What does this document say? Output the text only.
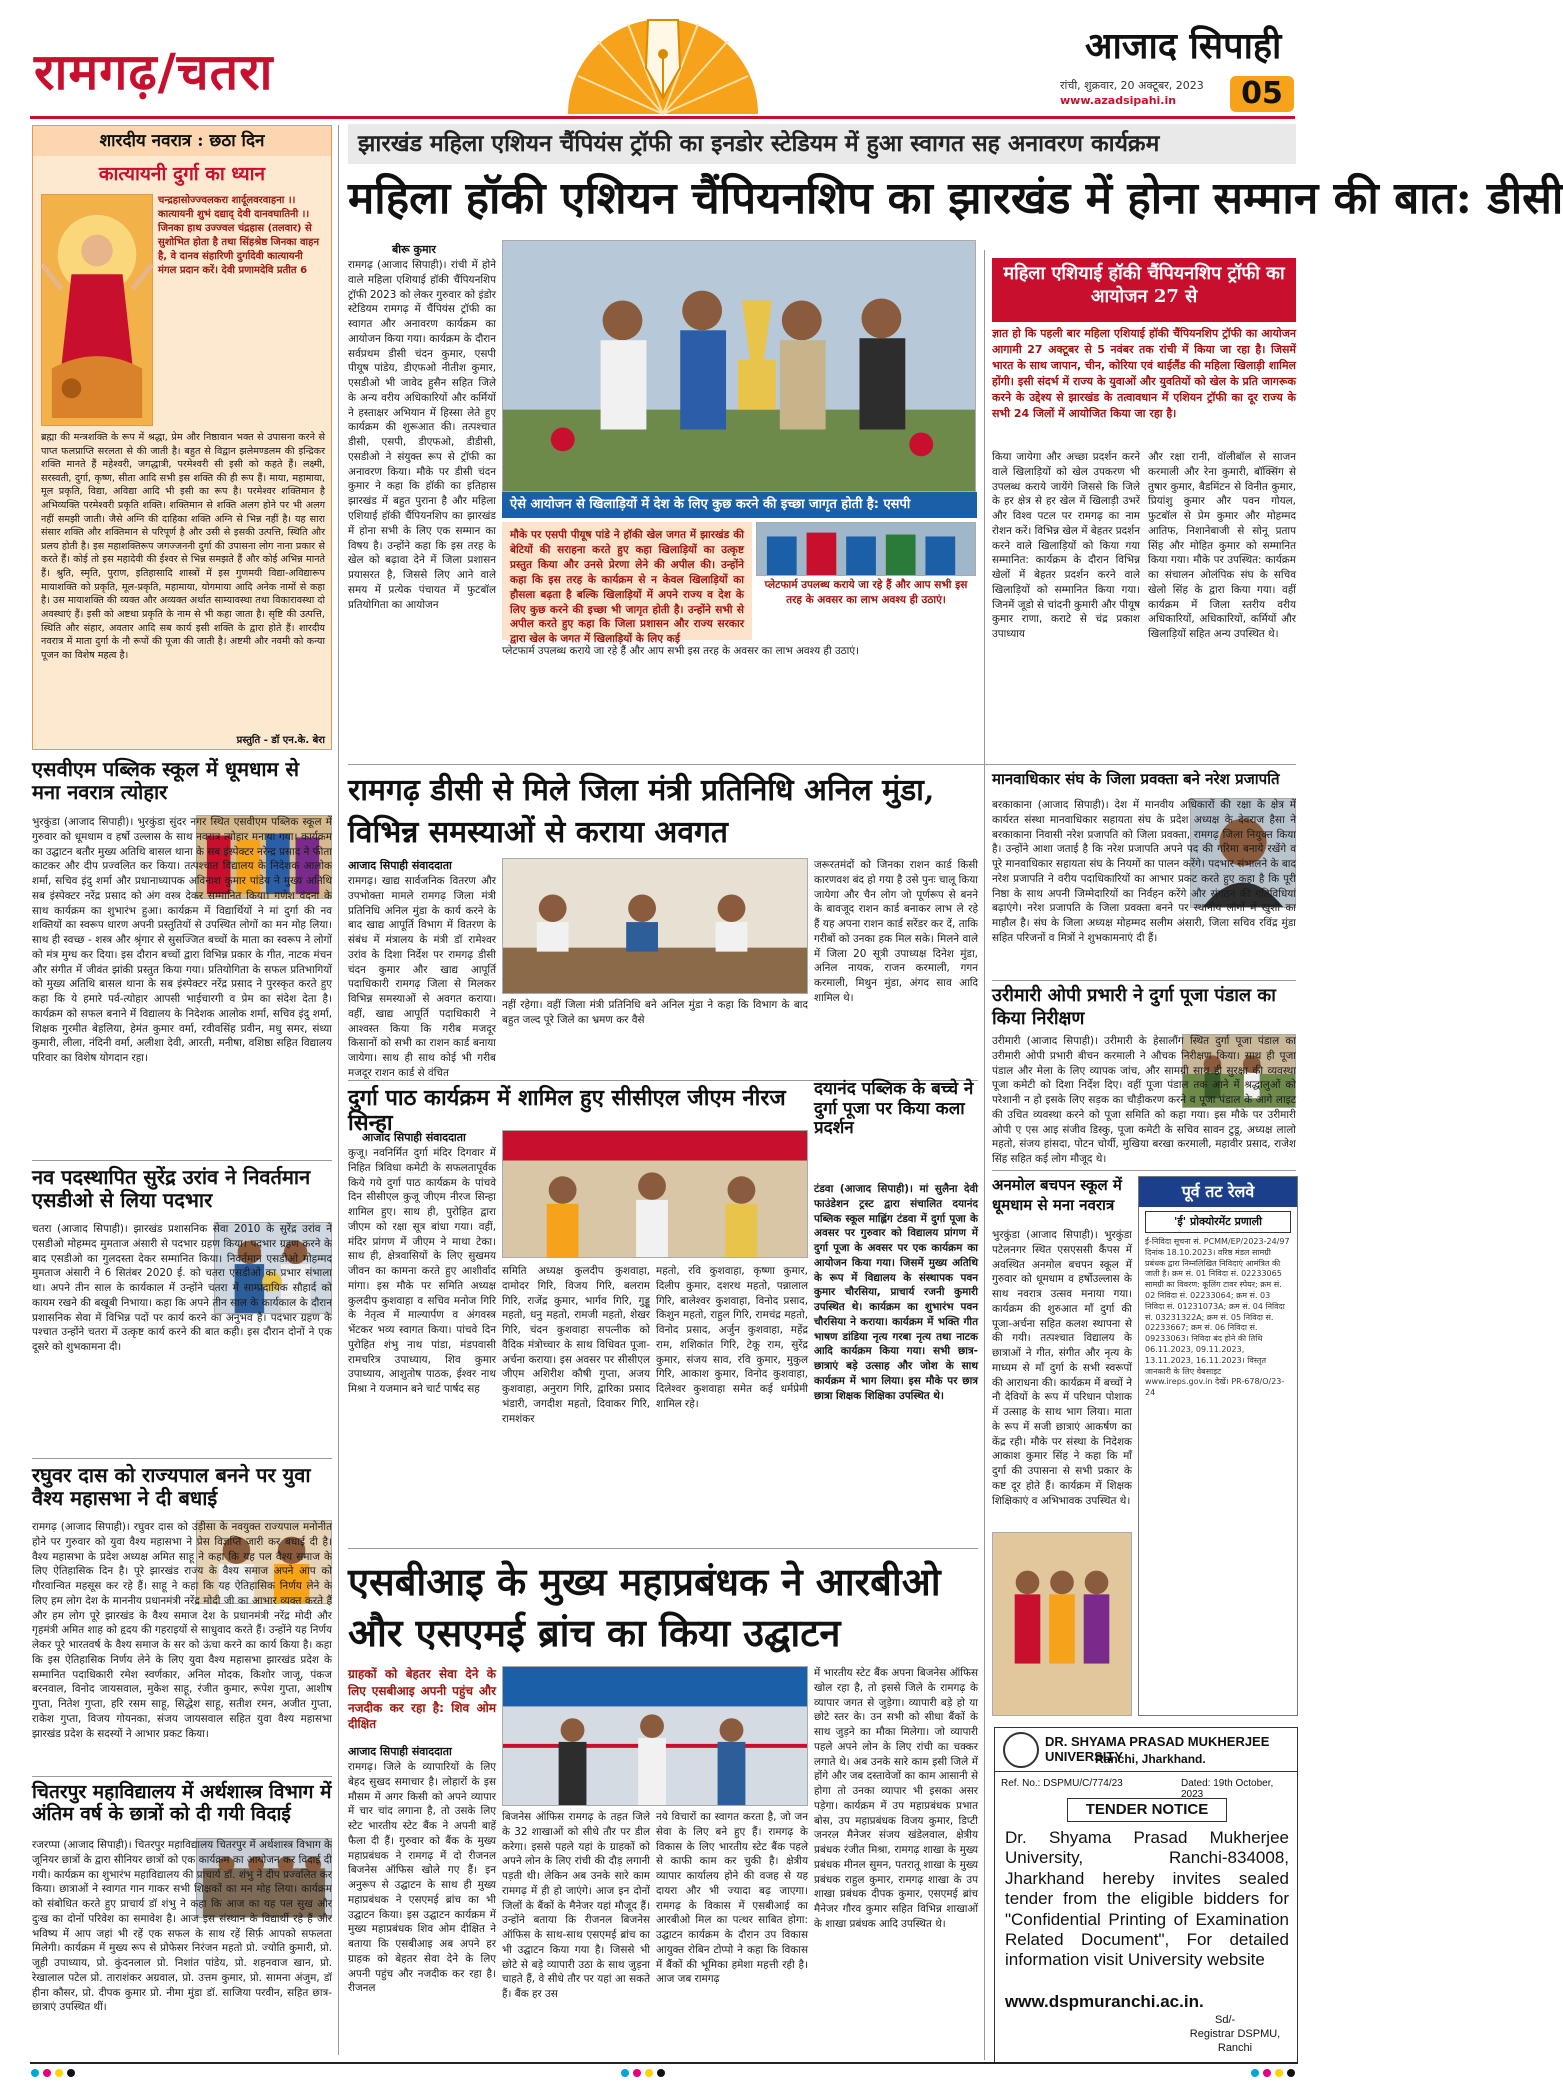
रामगढ़/चतरा	आजाद सिपाही
रांची, शुक्रवार, 20 अक्टूबर, 2023
www.azadsipahi.in	05
शारदीय नवरात्र : छठा दिन
कात्यायनी दुर्गा का ध्यान
चन्द्रहासोज्ज्वलकरा शार्दूलवरवाहना ।। कात्यायनी शुभं दद्याद् देवी दानवघातिनी ।। जिनका हाथ उज्ज्वल चंद्रहास (तलवार) से सुशोभित होता है तथा सिंहश्रेष्ठ जिनका वाहन है, वे दानव संहारिणी दुर्गादेवी कात्यायनी मंगल प्रदान करें। देवी प्रणामदेवि प्रतीत 6
ब्रह्मा की मन्त्रशक्ति के रूप में श्रद्धा, प्रेम और निष्ठावान भक्त से उपासना करने से पाप्त फलप्राप्ति सरलता से की जाती है। बहुत से विद्वान झलेमण्डलम की इन्द्रिकर शक्ति मानते हैं महेश्वरी, जगद्धात्री, परमेश्वरी सी इसी को कहते हैं। लक्ष्मी, सरस्वती, दुर्गा, कृष्ण, सीता आदि सभी इस शक्ति की ही रूप हैं। माया, महामाया, मूल प्रकृति, विद्या, अविद्या आदि भी इसी का रूप है। परमेश्वर शक्तिमान है अभिव्यक्ति परमेश्वरी प्रकृति शक्ति। शक्तिमान से शक्ति अलग होने पर भी अलग नहीं समझी जाती। जैसे अग्नि की दाहिका शक्ति अग्नि से भिन्न नहीं है। यह सारा संसार शक्ति और शक्तिमान से परिपूर्ण है और उसी से इसकी उत्पत्ति, स्थिति और प्रलय होती है। इस महाशक्तिरूप जगज्जननी दुर्गा की उपासना लोग नाना प्रकार से करते हैं। कोई तो इस महादेवी की ईश्वर से भिन्न समझते हैं और कोई अभिन्न मानते हैं। श्रुति, स्मृति, पुराण, इतिहासादि शास्त्रों में इस गुणमयी विद्या-अविद्यारूप मायाशक्ति को प्रकृति, मूल-प्रकृति, महामाया, योगमाया आदि अनेक नामों से कहा है। उस मायाशक्ति की व्यक्त और अव्यक्त अर्थात साम्यावस्था तथा विकारावस्था दो अवस्थाएं हैं। इसी को अष्टधा प्रकृति के नाम से भी कहा जाता है। सृष्टि की उत्पत्ति, स्थिति और संहार, अवतार आदि सब कार्य इसी शक्ति के द्वारा होते हैं। शारदीय नवरात्र में माता दुर्गा के नौ रूपों की पूजा की जाती है। अष्टमी और नवमी को कन्या पूजन का विशेष महत्व है।
प्रस्तुति - डॉ एन.के. बेरा
झारखंड महिला एशियन चैंपियंस ट्रॉफी का इनडोर स्टेडियम में हुआ स्वागत सह अनावरण कार्यक्रम
महिला हॉकी एशियन चैंपियनशिप का झारखंड में होना सम्मान की बात: डीसी
बीरू कुमार
रामगढ़ (आजाद सिपाही)। रांची में होने वाले महिला एशियाई हॉकी चैंपियनशिप ट्रॉफी 2023 को लेकर गुरुवार को इंडोर स्टेडियम रामगढ़ में चैंपियंस ट्रॉफी का स्वागत और अनावरण कार्यक्रम का आयोजन किया गया। कार्यक्रम के दौरान सर्वप्रथम डीसी चंदन कुमार, एसपी पीयूष पांडेय, डीएफओ नीतीश कुमार, एसडीओ भी जावेद हुसैन सहित जिले के अन्य वरीय अधिकारियों और कर्मियों ने हस्ताक्षर अभियान में हिस्सा लेते हुए कार्यक्रम की शुरूआत की। तत्पश्चात डीसी, एसपी, डीएफओ, डीडीसी, एसडीओ ने संयुक्त रूप से ट्रॉफी का अनावरण किया। मौके पर डीसी चंदन कुमार ने कहा कि हॉकी का इतिहास झारखंड में बहुत पुराना है और महिला एशियाई हॉकी चैंपियनशिप का झारखंड में होना सभी के लिए एक सम्मान का विषय है। उन्होंने कहा कि इस तरह के खेल को बढ़ावा देने में जिला प्रशासन प्रयासरत है, जिससे लिए आने वाले समय में प्रत्येक पंचायत में फुटबॉल प्रतियोगिता का आयोजन
ऐसे आयोजन से खिलाड़ियों में देश के लिए कुछ करने की इच्छा जागृत होती है: एसपी
मौके पर एसपी पीयूष पांडे ने हॉकी खेल जगत में झारखंड की बेटियों की सराहना करते हुए कहा खिलाड़ियों का उत्कृष्ट प्रस्तुत किया और उनसे प्रेरणा लेने की अपील की। उन्होंने कहा कि इस तरह के कार्यक्रम से न केवल खिलाड़ियों का हौसला बढ़ता है बल्कि खिलाड़ियों में अपने राज्य व देश के लिए कुछ करने की इच्छा भी जागृत होती है। उन्होंने सभी से अपील करते हुए कहा कि जिला प्रशासन और राज्य सरकार द्वारा खेल के जगत में खिलाड़ियों के लिए कई
प्लेटफार्म उपलब्ध कराये जा रहे हैं और आप सभी इस तरह के अवसर का लाभ अवश्य ही उठाएं।
महिला एशियाई हॉकी चैंपियनशिप ट्रॉफी का आयोजन 27 से
ज्ञात हो कि पहली बार महिला एशियाई हॉकी चैंपियनशिप ट्रॉफी का आयोजन आगामी 27 अक्टूबर से 5 नवंबर तक रांची में किया जा रहा है। जिसमें भारत के साथ जापान, चीन, कोरिया एवं थाईलैंड की महिला खिलाड़ी शामिल होंगी। इसी संदर्भ में राज्य के युवाओं और युवतियों को खेल के प्रति जागरूक करने के उद्देश्य से झारखंड के तत्वावधान में एशियन ट्रॉफी का दूर राज्य के सभी 24 जिलों में आयोजित किया जा रहा है।
किया जायेगा और अच्छा प्रदर्शन करने वाले खिलाड़ियों को खेल उपकरण भी उपलब्ध कराये जायेंगे जिससे कि जिले के हर क्षेत्र से हर खेल में खिलाड़ी उभरें और विश्व पटल पर रामगढ़ का नाम रोशन करें। विभिन्न खेल में बेहतर प्रदर्शन करने वाले खिलाड़ियों को किया गया सम्मानित: कार्यक्रम के दौरान विभिन्न खेलों में बेहतर प्रदर्शन करने वाले खिलाड़ियों को सम्मानित किया गया। जिनमें जूडो से चांदनी कुमारी और पीयूष कुमार राणा, कराटे से चंद्र प्रकाश उपाध्याय
और रक्षा रानी, वॉलीबॉल से साजन करमाली और रेना कुमारी, बॉक्सिंग से तुषार कुमार, बैडमिंटन से विनीत कुमार, प्रियांशु कुमार और पवन गोयल, फुटबॉल से प्रेम कुमार और मोहम्मद आतिफ, निशानेबाजी से सोनू प्रताप सिंह और मोहित कुमार को सम्मानित किया गया। मौके पर उपस्थित: कार्यक्रम का संचालन ओलंपिक संघ के सचिव खेलो सिंह के द्वारा किया गया। वहीं कार्यक्रम में जिला स्तरीय वरीय अधिकारियों, अधिकारियों, कर्मियों और खिलाड़ियों सहित अन्य उपस्थित थे।
प्लेटफार्म उपलब्ध कराये जा रहे हैं और आप सभी इस तरह के अवसर का लाभ अवश्य ही उठाएं।
एसवीएम पब्लिक स्कूल में धूमधाम से मना नवरात्र त्योहार
भुरकुंडा (आजाद सिपाही)। भुरकुंडा सुंदर नगर स्थित एसवीएम पब्लिक स्कूल में गुरुवार को धूमधाम व हर्षो उल्लास के साथ नवरात्र त्योहार मनाया गया। कार्यक्रम का उद्घाटन बतौर मुख्य अतिथि बासल थाना के सब इंस्पेक्टर नरेन्द्र प्रसाद ने फीता काटकर और दीप प्रज्वलित कर किया। तत्पश्चात विद्यालय के निदेशक आलोक शर्मा, सचिव इंदु शर्मा और प्रधानाध्यापक अविनाश कुमार पांडेय ने मुख्य अतिथि सब इंस्पेक्टर नरेंद्र प्रसाद को अंग वस्त्र देकर सम्मानित किया। गणेश वंदना के साथ कार्यक्रम का शुभारंभ हुआ। कार्यक्रम में विद्यार्थियों ने मां दुर्गा की नव शक्तियों का स्वरूप धारण अपनी प्रस्तुतियों से उपस्थित लोगों का मन मोह लिया। साथ ही स्वच्छ - शस्त्र और श्रृंगार से सुसज्जित बच्चों के माता का स्वरूप ने लोगों को मंत्र मुग्ध कर दिया। इस दौरान बच्चों द्वारा विभिन्न प्रकार के गीत, नाटक मंचन और संगीत में जीवंत झांकी प्रस्तुत किया गया। प्रतियोगिता के सफल प्रतिभागियों को मुख्य अतिथि बासल थाना के सब इंस्पेक्टर नरेंद्र प्रसाद ने पुरस्कृत करते हुए कहा कि ये हमारे पर्व-त्योहार आपसी भाईचारगी व प्रेम का संदेश देता है। कार्यक्रम को सफल बनाने में विद्यालय के निदेशक आलोक शर्मा, सचिव इंदु शर्मा, शिक्षक गुरमीत बेहलिया, हेमंत कुमार वर्मा, रवीवसिंह प्रवीन, मधु समर, संध्या कुमारी, लीला, नंदिनी वर्मा, अलीशा देवी, आरती, मनीषा, वशिष्ठा सहित विद्यालय परिवार का विशेष योगदान रहा।
नव पदस्थापित सुरेंद्र उरांव ने निवर्तमान एसडीओ से लिया पदभार
चतरा (आजाद सिपाही)। झारखंड प्रशासनिक सेवा 2010 के सुरेंद्र उरांव ने एसडीओ मोहम्मद मुमताज अंसारी से पदभार ग्रहण किया। पदभार ग्रहण करने के बाद एसडीओ का गुलदस्ता देकर सम्मानित किया। निवर्तमान एसडीओ मोहम्मद मुमताज अंसारी ने 6 सितंबर 2020 ई. को चतरा एसडीओ का प्रभार संभाला था। अपने तीन साल के कार्यकाल में उन्होंने चतरा में साम्प्रदायिक सौहार्द को कायम रखने की बखूबी निभाया। कहा कि अपने तीन साल के कार्यकाल के दौरान प्रशासनिक सेवा में विभिन्न पदों पर कार्य करने का अनुभव है। पदभार ग्रहण के पश्चात उन्होंने चतरा में उत्कृष्ट कार्य करने की बात कही। इस दौरान दोनों ने एक दूसरे को शुभकामना दी।
रघुवर दास को राज्यपाल बनने पर युवा वैश्य महासभा ने दी बधाई
रामगढ़ (आजाद सिपाही)। रघुवर दास को उड़ीसा के नवयुक्त राज्यपाल मनोनीत होने पर गुरुवार को युवा वैश्य महासभा ने प्रेस विज्ञप्ति जारी कर बधाई दी है। वैश्य महासभा के प्रदेश अध्यक्ष अमित साहू ने कहा कि यह पल वैश्य समाज के लिए ऐतिहासिक दिन है। पूरे झारखंड राज्य के वैश्य समाज अपने आप को गौरवान्वित महसूस कर रहे हैं। साहू ने कहा कि यह ऐतिहासिक निर्णय लेने के लिए हम लोग देश के माननीय प्रधानमंत्री नरेंद्र मोदी जी का आभार व्यक्त करते हैं और हम लोग पूरे झारखंड के वैश्य समाज देश के प्रधानमंत्री नरेंद्र मोदी और गृहमंत्री अमित शाह को हृदय की गहराइयों से साधुवाद करते हैं। उन्होंने यह निर्णय लेकर पूरे भारतवर्ष के वैश्य समाज के सर को ऊंचा करने का कार्य किया है। कहा कि इस ऐतिहासिक निर्णय लेने के लिए युवा वैश्य महासभा झारखंड प्रदेश के सम्मानित पदाधिकारी रमेश स्वर्णकार, अनिल मोदक, किशोर जाजू, पंकज बरनवाल, विनोद जायसवाल, मुकेश साहू, रंजीत कुमार, रूपेश गुप्ता, आशीष गुप्ता, नितेश गुप्ता, हरि रसम साहू, सिद्धेश साहू, सतीश रमन, अजीत गुप्ता, राकेश गुप्ता, विजय गोयनका, संजय जायसवाल सहित युवा वैश्य महासभा झारखंड प्रदेश के सदस्यों ने आभार प्रकट किया।
चितरपुर महाविद्यालय में अर्थशास्त्र विभाग में अंतिम वर्ष के छात्रों को दी गयी विदाई
रजरप्पा (आजाद सिपाही)। चितरपुर महाविद्यालय चितरपुर में अर्थशास्त्र विभाग के जूनियर छात्रों के द्वारा सीनियर छात्रों को एक कार्यक्रम का आयोजन कर विदाई दी गयी। कार्यक्रम का शुभारंभ महाविद्यालय की प्राचार्य डॉ. शंभु ने दीप प्रज्वलित कर किया। छात्राओं ने स्वागत गान गाकर सभी शिक्षकों का मन मोह लिया। कार्यक्रम को संबोधित करते हुए प्राचार्य डॉ शंभु ने कहा कि आज का यह पल सुख और दुःख का दोनों परिवेश का समावेश है। आज इस संस्थान के विद्यार्थी रहे हैं और भविष्य में आप जहां भी रहें एक सफल के साथ रहें सिर्फ़ आपको सफलता मिलेगी। कार्यक्रम में मुख्य रूप से प्रोफेसर निरंजन महतो प्रो. ज्योति कुमारी, प्रो. जूही उपाध्याय, प्रो. कुंदनलाल प्रो. निशांत पांडेय, प्रो. शहनवाज खान, प्रो. रेखालाल पटेल प्रो. ताराशंकर अग्रवाल, प्रो. उत्तम कुमार, प्रो. सामना अंजुम, डॉ हीना कौसर, प्रो. दीपक कुमार प्रो. नीमा मुंडा डॉ. साजिया परवीन, सहित छात्र-छात्राएं उपस्थित थीं।
रामगढ़ डीसी से मिले जिला मंत्री प्रतिनिधि अनिल मुंडा, विभिन्न समस्याओं से कराया अवगत
आजाद सिपाही संवाददाता
रामगढ़। खाद्य सार्वजनिक वितरण और उपभोक्ता मामले रामगढ़ जिला मंत्री प्रतिनिधि अनिल मुंडा के कार्य करने के बाद खाद्य आपूर्ति विभाग में वितरण के संबंध में मंत्रालय के मंत्री डॉ रामेश्वर उरांव के दिशा निर्देश पर रामगढ़ डीसी चंदन कुमार और खाद्य आपूर्ति पदाधिकारी रामगढ़ जिला से मिलकर विभिन्न समस्याओं से अवगत कराया। वहीं, खाद्य आपूर्ति पदाधिकारी ने आश्वस्त किया कि गरीब मजदूर किसानों को सभी का राशन कार्ड बनाया जायेगा। साथ ही साथ कोई भी गरीब मजदूर राशन कार्ड से वंचित
नहीं रहेगा। वहीं जिला मंत्री प्रतिनिधि बने अनिल मुंडा ने कहा कि विभाग के बाद बहुत जल्द पूरे जिले का भ्रमण कर वैसे
जरूरतमंदों को जिनका राशन कार्ड किसी कारणवश बंद हो गया है उसे पुनः चालू किया जायेगा और चैन लोग जो पूर्णरूप से बनने के बावजूद राशन कार्ड बनाकर लाभ ले रहे हैं यह अपना राशन कार्ड सरेंडर कर दें, ताकि गरीबों को उनका हक मिल सके। मिलने वाले में जिला 20 सूत्री उपाध्यक्ष दिनेश मुंडा, अनिल नायक, राजन करमाली, गगन करमाली, मिथुन मुंडा, अंगद साव आदि शामिल थे।
दुर्गा पाठ कार्यक्रम में शामिल हुए सीसीएल जीएम नीरज सिन्हा
आजाद सिपाही संवाददाता
कुजू। नवनिर्मित दुर्गा मंदिर दिगवार में निहित त्रिविधा कमेटी के सफलतापूर्वक किये गये दुर्गा पाठ कार्यक्रम के पांचवे दिन सीसीएल कुजू जीएम नीरज सिन्हा शामिल हुए। साथ ही, पुरोहित द्वारा जीएम को रक्षा सूत्र बांधा गया। वहीं, मंदिर प्रांगण में जीएम ने माथा टेका। साथ ही, क्षेत्रवासियों के लिए सुखमय जीवन का कामना करते हुए आशीर्वाद मांगा। इस मौके पर समिति अध्यक्ष कुलदीप कुशवाहा व सचिव मनोज गिरि के नेतृत्व में माल्यार्पण व अंगवस्त्र भेंटकर भव्य स्वागत किया। पांचवे दिन पुरोहित शंभु नाथ पांडा, मंडपवासी रामचरित्र उपाध्याय, शिव कुमार उपाध्याय, आशुतोष पाठक, ईश्वर नाथ मिश्रा ने यजमान बने चार्ट पार्षद सह
समिति अध्यक्ष कुलदीप कुशवाहा, दामोदर गिरि, विजय गिरि, बलराम गिरि, राजेंद्र कुमार, भार्गव गिरि, गुड्डू महतो, धनु महतो, रामजी महतो, शेखर गिरि, चंदन कुशवाहा सपत्नीक को वैदिक मंत्रोच्चार के साथ विधिवत पूजा-अर्चना कराया। इस अवसर पर सीसीएल जीएम अशिरीश कौषी गुप्ता, अजय कुशवाहा, अनुराग गिरि, द्वारिका प्रसाद भंडारी, जगदीश महतो, दिवाकर गिरि, रामशंकर
महतो, रवि कुशवाहा, कृष्णा कुमार, दिलीप कुमार, दशरथ महतो, पन्नालाल गिरि, बालेश्वर कुशवाहा, विनोद प्रसाद, किशुन महतो, राहुल गिरि, रामचंद्र महतो, विनोद प्रसाद, अर्जुन कुशवाहा, महेंद्र राम, शशिकांत गिरि, टेकू राम, सुरेंद्र कुमार, संजय साव, रवि कुमार, मुकुल गिरि, आकाश कुमार, विनोद कुशवाहा, दिलेश्वर कुशवाहा समेत कई धर्मप्रेमी शामिल रहे।
दयानंद पब्लिक के बच्चे ने दुर्गा पूजा पर किया कला प्रदर्शन
टंडवा (आजाद सिपाही)। मां सुलैना देवी फाउंडेशन ट्रस्ट द्वारा संचालित दयानंद पब्लिक स्कूल माह्लिंग टंडवा में दुर्गा पूजा के अवसर पर गुरुवार को विद्यालय प्रांगण में दुर्गा पूजा के अवसर पर एक कार्यक्रम का आयोजन किया गया। जिसमें मुख्य अतिथि के रूप में विद्यालय के संस्थापक पवन कुमार चौरसिया, प्राचार्य रजनी कुमारी उपस्थित थे। कार्यक्रम का शुभारंभ पवन चौरसिया ने कराया। कार्यक्रम में भक्ति गीत भाषण डांडिया नृत्य गरबा नृत्य तथा नाटक आदि कार्यक्रम किया गया। सभी छात्र-छात्राएं बड़े उत्साह और जोश के साथ कार्यक्रम में भाग लिया। इस मौके पर छात्र छात्रा शिक्षक शिक्षिका उपस्थित थे।
मानवाधिकार संघ के जिला प्रवक्ता बने नरेश प्रजापति
बरकाकाना (आजाद सिपाही)। देश में मानवीय अधिकारों की रक्षा के क्षेत्र में कार्यरत संस्था मानवाधिकार सहायता संघ के प्रदेश अध्यक्ष के देवराज हैसा ने बरकाकाना निवासी नरेश प्रजापति को जिला प्रवक्ता, रामगढ़ जिला नियुक्त किया है। उन्होंने आशा जताई है कि नरेश प्रजापति अपने पद की गरिमा बनाये रखेंगे व पूरे मानवाधिकार सहायता संघ के नियमों का पालन करेंगे। पदभार संभालने के बाद नरेश प्रजापति ने वरीय पदाधिकारियों का आभार प्रकट करते हुए कहा है कि पूरी निष्ठा के साथ अपनी जिम्मेदारियों का निर्वहन करेंगे और संगठन की गतिविधियां बढ़ाएंगे। नरेश प्रजापति के जिला प्रवक्ता बनने पर स्थानीय लोगों में खुशी का माहौल है। संघ के जिला अध्यक्ष मोहम्मद सलीम अंसारी, जिला सचिव रविंद्र मुंडा सहित परिजनों व मित्रों ने शुभकामनाएं दी हैं।
उरीमारी ओपी प्रभारी ने दुर्गा पूजा पंडाल का किया निरीक्षण
उरीमारी (आजाद सिपाही)। उरीमारी के हेसालौंग स्थित दुर्गा पूजा पंडाल का उरीमारी ओपी प्रभारी बीचन करमाली ने औचक निरीक्षण किया। साथ ही पूजा पंडाल और मेला के लिए व्यापक जांच, और सामग्री साथ ही सुरक्षा की व्यवस्था पूजा कमेटी को दिशा निर्देश दिए। वहीं पूजा पंडाल तक आने में श्रद्धालुओं को परेशानी न हो इसके लिए सड़क का चौड़ीकरण करने व पूजा पंडाल के आगे लाइट की उचित व्यवस्था करने को पूजा समिति को कहा गया। इस मौके पर उरीमारी ओपी ए एस आइ संजीव डिस्कु, पूजा कमेटी के सचिव सावन टुडू, अध्यक्ष लालो महतो, संजय हांसदा, पोटन चोर्यी, मुखिया बरखा करमाली, महावीर प्रसाद, राजेश सिंह सहित कई लोग मौजूद थे।
अनमोल बचपन स्कूल में धूमधाम से मना नवरात्र
भुरकुंडा (आजाद सिपाही)। भुरकुंडा पटेलनगर स्थित एसएससी कैंपस में अवस्थित अनमोल बचपन स्कूल में गुरुवार को धूमधाम व हर्षोउल्लास के साथ नवरात्र उत्सव मनाया गया। कार्यक्रम की शुरुआत माँ दुर्गा की पूजा-अर्चना सहित कलश स्थापना से की गयी। तत्पश्चात विद्यालय के छात्राओं ने गीत, संगीत और नृत्य के माध्यम से माँ दुर्गा के सभी स्वरूपों की आराधना की। कार्यक्रम में बच्चों ने नौ देवियों के रूप में परिधान पोशाक में उत्साह के साथ भाग लिया। माता के रूप में सजी छात्राएं आकर्षण का केंद्र रही। मौके पर संस्था के निदेशक आकाश कुमार सिंह ने कहा कि माँ दुर्गा की उपासना से सभी प्रकार के कष्ट दूर होते हैं। कार्यक्रम में शिक्षक शिक्षिकाएं व अभिभावक उपस्थित थे।
पूर्व तट रेलवे
'ई' प्रोक्योरमेंट प्रणाली
ई-निविदा सूचना सं. PCMM/EP/2023-24/97 दिनांक 18.10.2023। वरिष्ठ मंडल सामग्री प्रबंधक द्वारा निम्नलिखित निविदाएं आमंत्रित की जाती है। क्रम सं. 01 निविदा सं. 02233065 सामग्री का विवरण: कूलिंग टावर स्पेयर; क्रम सं. 02 निविदा सं. 02233064; क्रम सं. 03 निविदा सं. 01231073A; क्रम सं. 04 निविदा सं. 03231322A; क्रम सं. 05 निविदा सं. 02233667; क्रम सं. 06 निविदा सं. 09233063। निविदा बंद होने की तिथि 06.11.2023, 09.11.2023, 13.11.2023, 16.11.2023। विस्तृत जानकारी के लिए वेबसाइट www.ireps.gov.in देखें। PR-678/O/23-24
एसबीआइ के मुख्य महाप्रबंधक ने आरबीओ और एसएमई ब्रांच का किया उद्घाटन
ग्राहकों को बेहतर सेवा देने के लिए एसबीआइ अपनी पहुंच और नजदीक कर रहा है: शिव ओम दीक्षित
आजाद सिपाही संवाददाता
रामगढ़। जिले के व्यापारियों के लिए बेहद सुखद समाचार है। लोहारों के इस मौसम में अगर किसी को अपने व्यापार में चार चांद लगाना है, तो उसके लिए स्टेट भारतीय स्टेट बैंक ने अपनी बाहें फैला दी हैं। गुरुवार को बैंक के मुख्य महाप्रबंधक ने रामगढ़ में दो रीजनल बिजनेस ऑफिस खोले गए हैं। इन अनुरूप से उद्घाटन के साथ ही मुख्य महाप्रबंधक ने एसएमई ब्रांच का भी उद्घाटन किया। इस उद्घाटन कार्यक्रम में मुख्य महाप्रबंधक शिव ओम दीक्षित ने बताया कि एसबीआइ अब अपने हर ग्राहक को बेहतर सेवा देने के लिए अपनी पहुंच और नजदीक कर रहा है। रीजनल
बिजनेस ऑफिस रामगढ़ के तहत जिले के 32 शाखाओं को सीधे तौर पर डील करेगा। इससे पहले यहां के ग्राहकों को अपने लोन के लिए रांची की दौड़ लगानी पड़ती थी। लेकिन अब उनके सारे काम रामगढ़ में ही हो जाएंगे। आज इन दोनों जिलों के बैंकों के मैनेजर यहां मौजूद हैं। उन्होंने बताया कि रीजनल बिजनेस ऑफिस के साथ-साथ एसएमई ब्रांच का भी उद्घाटन किया गया है। जिससे भी छोटे से बड़े व्यापारी उठा के साथ जुड़ना चाहते हैं, वे सीधे तौर पर यहां आ सकते हैं। बैंक हर उस
नये विचारों का स्वागत करता है, जो जन सेवा के लिए बने हुए हैं। रामगढ़ के विकास के लिए भारतीय स्टेट बैंक पहले से काफी काम कर चुकी है। क्षेत्रीय व्यापार कार्यालय होने की वजह से यह दायरा और भी ज्यादा बढ़ जाएगा। रामगढ़ के विकास में एसबीआई का आरबीओ मिल का पत्थर साबित होगा: उद्घाटन कार्यक्रम के दौरान उप विकास आयुक्त रोबिन टोप्पो ने कहा कि विकास में बैंकों की भूमिका हमेशा महत्ती रही है। आज जब रामगढ़
में भारतीय स्टेट बैंक अपना बिजनेस ऑफिस खोल रहा है, तो इससे जिले के रामगढ़ के व्यापार जगत से जुड़ेगा। व्यापारी बड़े हो या छोटे स्तर के। उन सभी को सीधा बैंकों के साथ जुड़ने का मौका मिलेगा। जो व्यापारी पहले अपने लोन के लिए रांची का चक्कर लगाते थे। अब उनके सारे काम इसी जिले में होंगे और जब दस्तावेजों का काम आसानी से होगा तो उनका व्यापार भी इसका असर पड़ेगा। कार्यक्रम में उप महाप्रबंधक प्रभात बोस, उप महाप्रबंधक विजय कुमार, डिप्टी जनरल मैनेजर संजय खंडेलवाल, क्षेत्रीय प्रबंधक रंजीत मिश्रा, रामगढ़ शाखा के मुख्य प्रबंधक मीनल सुमन, पतरातू शाखा के मुख्य प्रबंधक राहुल कुमार, रामगढ़ शाखा के उप शाखा प्रबंधक दीपक कुमार, एसएमई ब्रांच मैनेजर गौरव कुमार सहित विभिन्न शाखाओं के शाखा प्रबंधक आदि उपस्थित थे।
DR. SHYAMA PRASAD MUKHERJEE UNIVERSITY
Ranchi, Jharkhand.
Ref. No.: DSPMU/C/774/23	Dated: 19th October, 2023
TENDER NOTICE
Dr. Shyama Prasad Mukherjee University, Ranchi-834008, Jharkhand hereby invites sealed tender from the eligible bidders for "Confidential Printing of Examination Related Document", For detailed information visit University website
www.dspmuranchi.ac.in.
Sd/-
Registrar DSPMU, Ranchi
